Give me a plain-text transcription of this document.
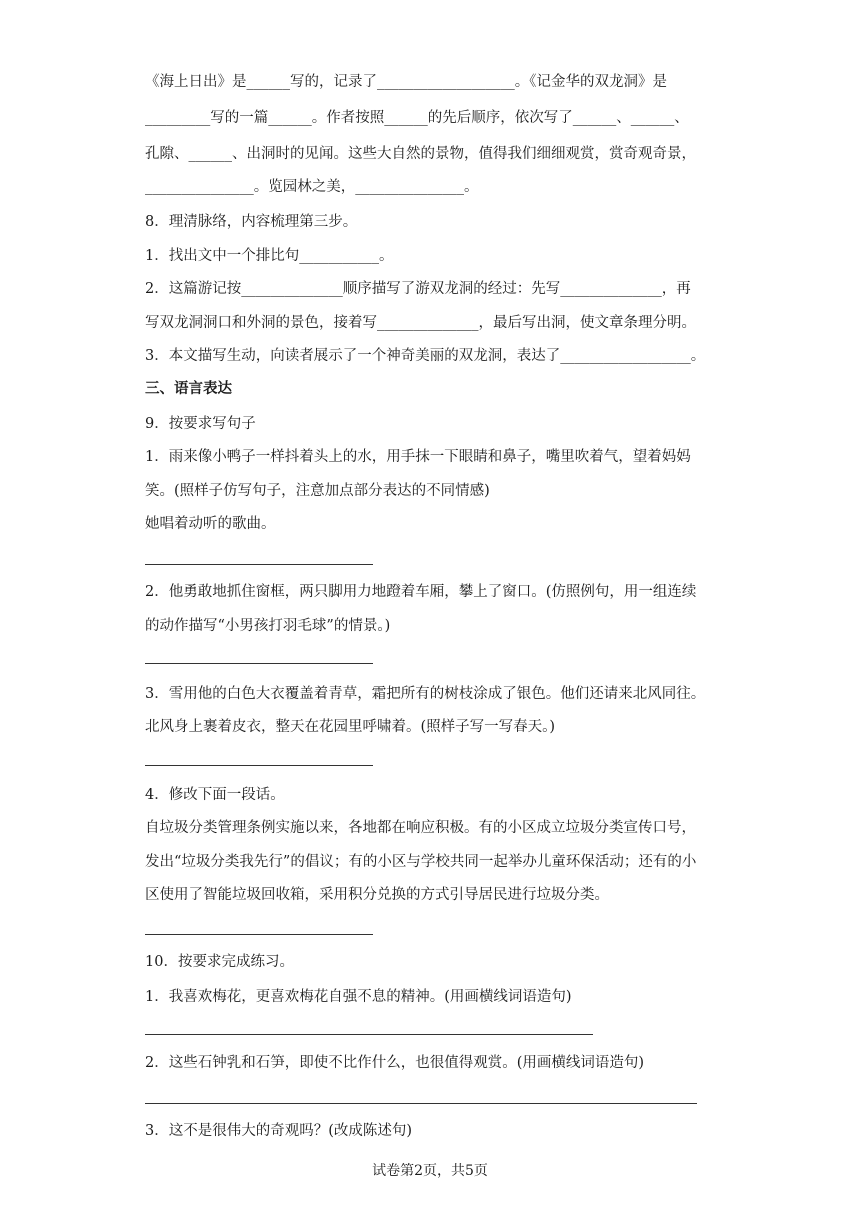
《海上日出》是______写的，记录了___________________。《记金华的双龙洞》是
_________写的一篇______。作者按照______的先后顺序，依次写了______、______、
孔隙、______、出洞时的见闻。这些大自然的景物，值得我们细细观赏，赏奇观奇景，
_______________。览园林之美，_______________。
8．理清脉络，内容梳理第三步。
1．找出文中一个排比句___________。
2．这篇游记按______________顺序描写了游双龙洞的经过：先写______________，再
写双龙洞洞口和外洞的景色，接着写______________，最后写出洞，使文章条理分明。
3．本文描写生动，向读者展示了一个神奇美丽的双龙洞，表达了__________________。
三、语言表达
9．按要求写句子
1．雨来像小鸭子一样抖着头上的水，用手抹一下眼睛和鼻子，嘴里吹着气，望着妈妈
笑。(照样子仿写句子，注意加点部分表达的不同情感)
她唱着动听的歌曲。
2．他勇敢地抓住窗框，两只脚用力地蹬着车厢，攀上了窗口。(仿照例句，用一组连续
的动作描写“小男孩打羽毛球”的情景。)
3．雪用他的白色大衣覆盖着青草，霜把所有的树枝涂成了银色。他们还请来北风同往。
北风身上裹着皮衣，整天在花园里呼啸着。(照样子写一写春天。)
4．修改下面一段话。
自垃圾分类管理条例实施以来，各地都在响应积极。有的小区成立垃圾分类宣传口号，
发出“垃圾分类我先行”的倡议；有的小区与学校共同一起举办儿童环保活动；还有的小
区使用了智能垃圾回收箱，采用积分兑换的方式引导居民进行垃圾分类。
10．按要求完成练习。
1．我喜欢梅花，更喜欢梅花自强不息的精神。(用画横线词语造句)
2．这些石钟乳和石笋，即使不比作什么，也很值得观赏。(用画横线词语造句)
3．这不是很伟大的奇观吗？(改成陈述句)
试卷第2页，共5页
